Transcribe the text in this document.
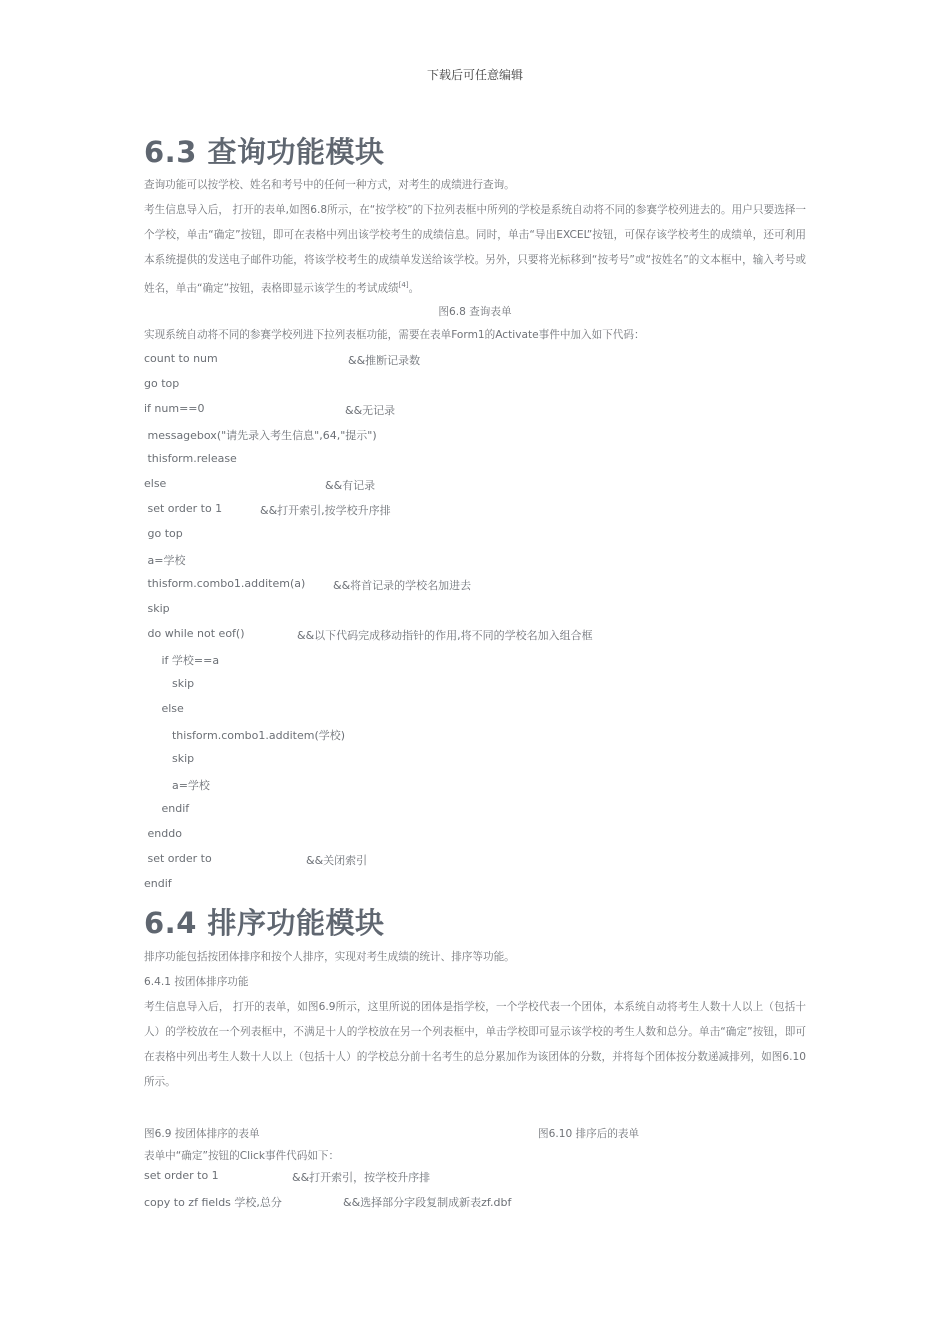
下载后可任意编辑
6.3 查询功能模块
查询功能可以按学校、姓名和考号中的任何一种方式，对考生的成绩进行查询。
考生信息导入后， 打开的表单,如图6.8所示，在“按学校”的下拉列表框中所列的学校是系统自动将不同的参赛学校列进去的。用户只要选择一个学校，单击“确定”按钮，即可在表格中列出该学校考生的成绩信息。同时，单击“导出EXCEL”按钮，可保存该学校考生的成绩单，还可利用本系统提供的发送电子邮件功能，将该学校考生的成绩单发送给该学校。另外，只要将光标移到“按考号”或“按姓名”的文本框中，输入考号或姓名，单击“确定”按钮，表格即显示该学生的考试成绩[4]。
图6.8 查询表单
实现系统自动将不同的参赛学校列进下拉列表框功能，需要在表单Form1的Activate事件中加入如下代码：
count to num	&&推断记录数
go top
if num==0	&&无记录
messagebox("请先录入考生信息",64,"提示")
thisform.release
else	&&有记录
set order to 1	&&打开索引,按学校升序排
go top
a=学校
thisform.combo1.additem(a)	&&将首记录的学校名加进去
skip
do while not eof()	&&以下代码完成移动指针的作用,将不同的学校名加入组合框
if 学校==a
skip
else
thisform.combo1.additem(学校)
skip
a=学校
endif
enddo
set order to	&&关闭索引
endif
6.4 排序功能模块
排序功能包括按团体排序和按个人排序，实现对考生成绩的统计、排序等功能。
6.4.1 按团体排序功能
考生信息导入后， 打开的表单，如图6.9所示，这里所说的团体是指学校，一个学校代表一个团体，本系统自动将考生人数十人以上（包括十人）的学校放在一个列表框中，不满足十人的学校放在另一个列表框中，单击学校即可显示该学校的考生人数和总分。单击“确定”按钮，即可在表格中列出考生人数十人以上（包括十人）的学校总分前十名考生的总分累加作为该团体的分数，并将每个团体按分数递减排列，如图6.10所示。
图6.9 按团体排序的表单	图6.10 排序后的表单
表单中“确定”按钮的Click事件代码如下：
set order to 1	&&打开索引，按学校升序排
copy to zf fields 学校,总分	&&选择部分字段复制成新表zf.dbf
